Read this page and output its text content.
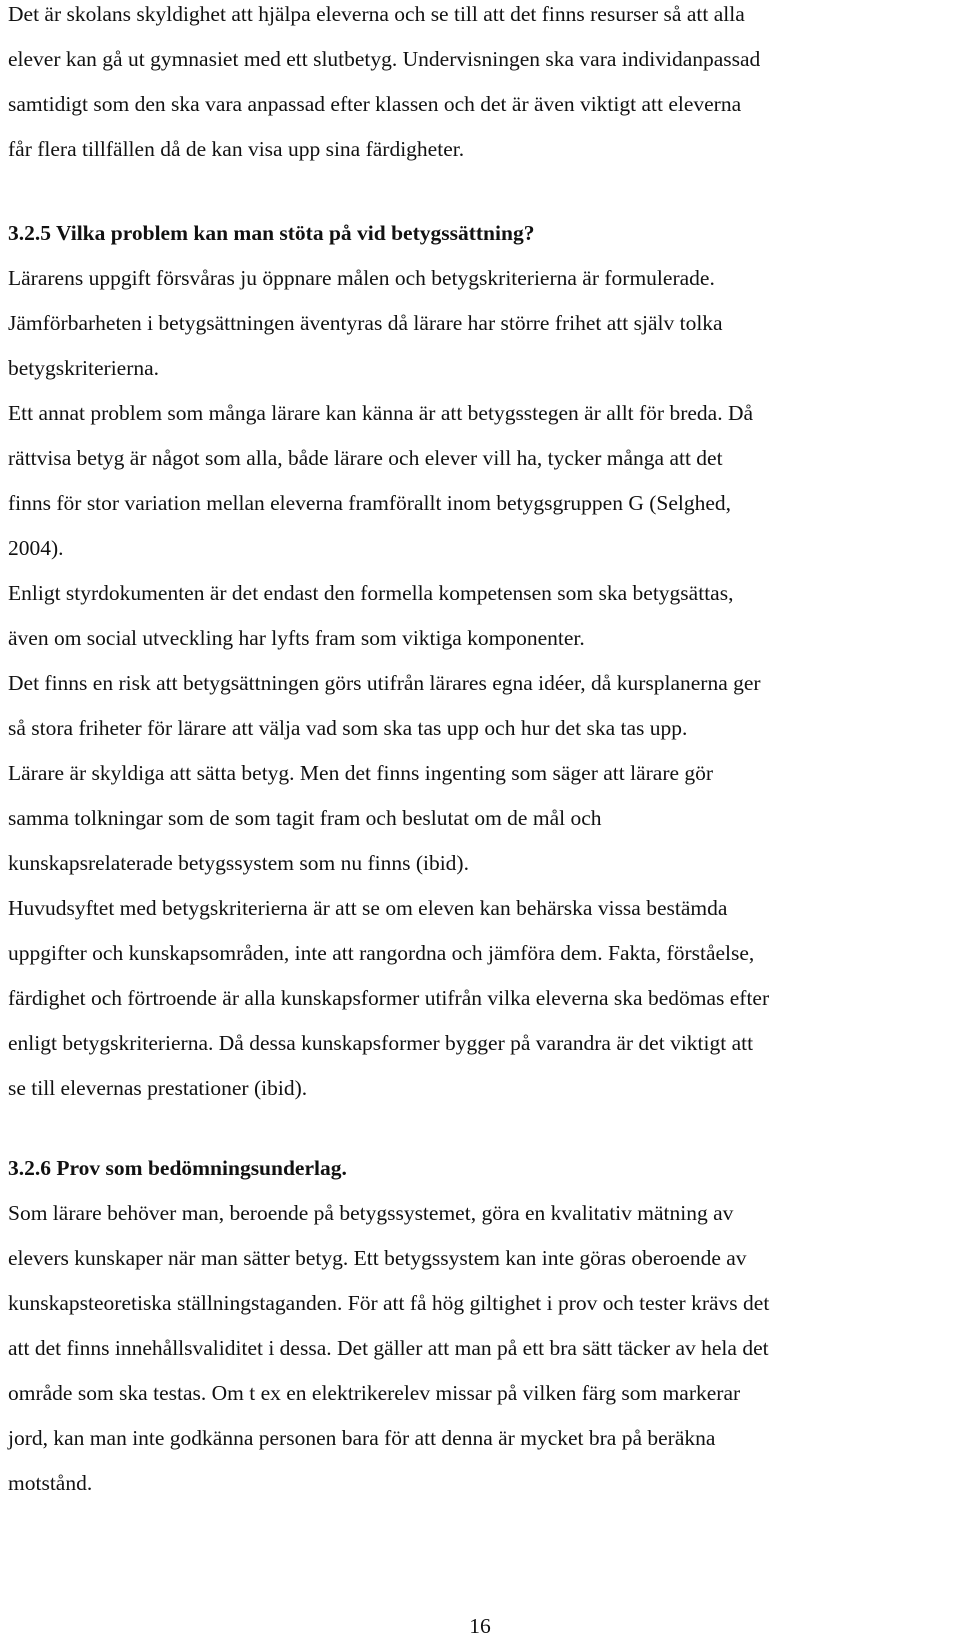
Det är skolans skyldighet att hjälpa eleverna och se till att det finns resurser så att alla
elever kan gå ut gymnasiet med ett slutbetyg. Undervisningen ska vara individanpassad
samtidigt som den ska vara anpassad efter klassen och det är även viktigt att eleverna
får flera tillfällen då de kan visa upp sina färdigheter.

3.2.5 Vilka problem kan man stöta på vid betygssättning?

Lärarens uppgift försvåras ju öppnare målen och betygskriterierna är formulerade.
Jämförbarheten i betygsättningen äventyras då lärare har större frihet att själv tolka
betygskriterierna.
Ett annat problem som många lärare kan känna är att betygsstegen är allt för breda. Då
rättvisa betyg är något som alla, både lärare och elever vill ha, tycker många att det
finns för stor variation mellan eleverna framförallt inom betygsgruppen G (Selghed,
2004).
Enligt styrdokumenten är det endast den formella kompetensen som ska betygsättas,
även om social utveckling har lyfts fram som viktiga komponenter.
Det finns en risk att betygsättningen görs utifrån lärares egna idéer, då kursplanerna ger
så stora friheter för lärare att välja vad som ska tas upp och hur det ska tas upp.
Lärare är skyldiga att sätta betyg. Men det finns ingenting som säger att lärare gör
samma tolkningar som de som tagit fram och beslutat om de mål och
kunskapsrelaterade betygssystem som nu finns (ibid).
Huvudsyftet med betygskriterierna är att se om eleven kan behärska vissa bestämda
uppgifter och kunskapsområden, inte att rangordna och jämföra dem. Fakta, förståelse,
färdighet och förtroende är alla kunskapsformer utifrån vilka eleverna ska bedömas efter
enligt betygskriterierna. Då dessa kunskapsformer bygger på varandra är det viktigt att
se till elevernas prestationer (ibid).

3.2.6 Prov som bedömningsunderlag.

Som lärare behöver man, beroende på betygssystemet, göra en kvalitativ mätning av
elevers kunskaper när man sätter betyg. Ett betygssystem kan inte göras oberoende av
kunskapsteoretiska ställningstaganden. För att få hög giltighet i prov och tester krävs det
att det finns innehållsvaliditet i dessa. Det gäller att man på ett bra sätt täcker av hela det
område som ska testas. Om t ex en elektrikerelev missar på vilken färg som markerar
jord, kan man inte godkänna personen bara för att denna är mycket bra på beräkna
motstånd.

16
